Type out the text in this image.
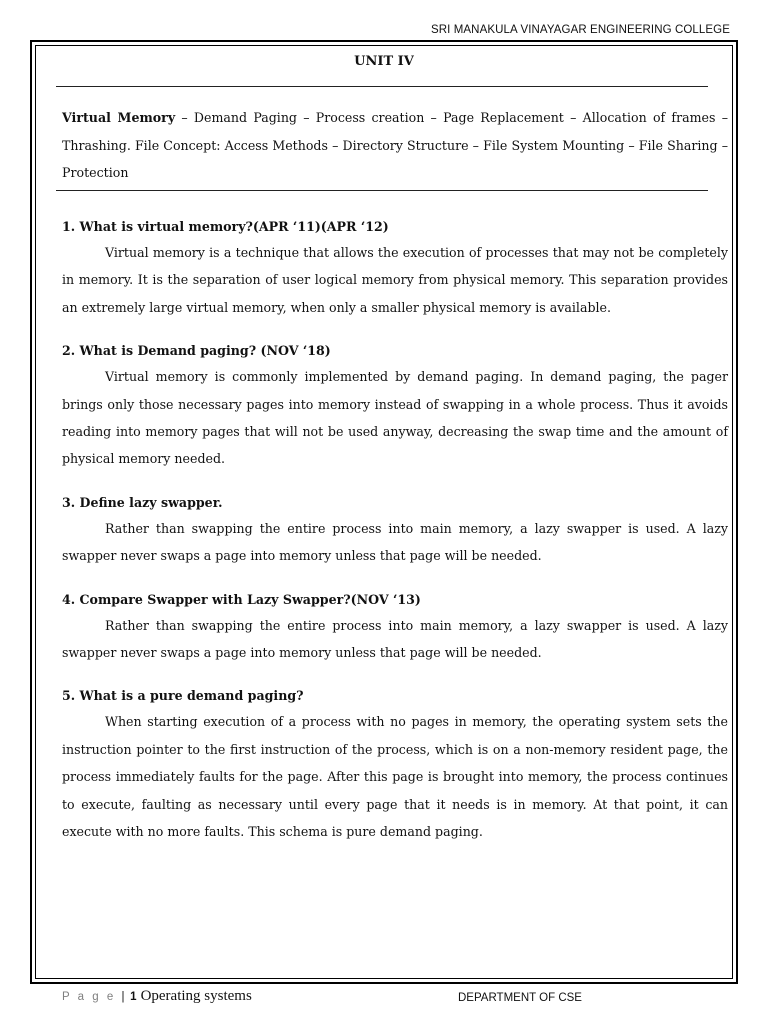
SRI MANAKULA VINAYAGAR ENGINEERING COLLEGE
UNIT IV
Virtual Memory – Demand Paging – Process creation – Page Replacement – Allocation of frames – Thrashing. File Concept: Access Methods – Directory Structure – File System Mounting – File Sharing – Protection

1. What is virtual memory?(APR ‘11)(APR ‘12)

Virtual memory is a technique that allows the execution of processes that may not be completely in memory. It is the separation of user logical memory from physical memory. This separation provides an extremely large virtual memory, when only a smaller physical memory is available.

2. What is Demand paging? (NOV ‘18)

Virtual memory is commonly implemented by demand paging. In demand paging, the pager brings only those necessary pages into memory instead of swapping in a whole process. Thus it avoids reading into memory pages that will not be used anyway, decreasing the swap time and the amount of physical memory needed.

3. Define lazy swapper.

Rather than swapping the entire process into main memory, a lazy swapper is used. A lazy swapper never swaps a page into memory unless that page will be needed.

4. Compare Swapper with Lazy Swapper?(NOV ‘13)

Rather than swapping the entire process into main memory, a lazy swapper is used. A lazy swapper never swaps a page into memory unless that page will be needed.

5. What is a pure demand paging?

When starting execution of a process with no pages in memory, the operating system sets the instruction pointer to the first instruction of the process, which is on a non-memory resident page, the process immediately faults for the page. After this page is brought into memory, the process continues to execute, faulting as necessary until every page that it needs is in memory. At that point, it can execute with no more faults. This schema is pure demand paging.

P a g e | 1 Operating systems	DEPARTMENT OF CSE
